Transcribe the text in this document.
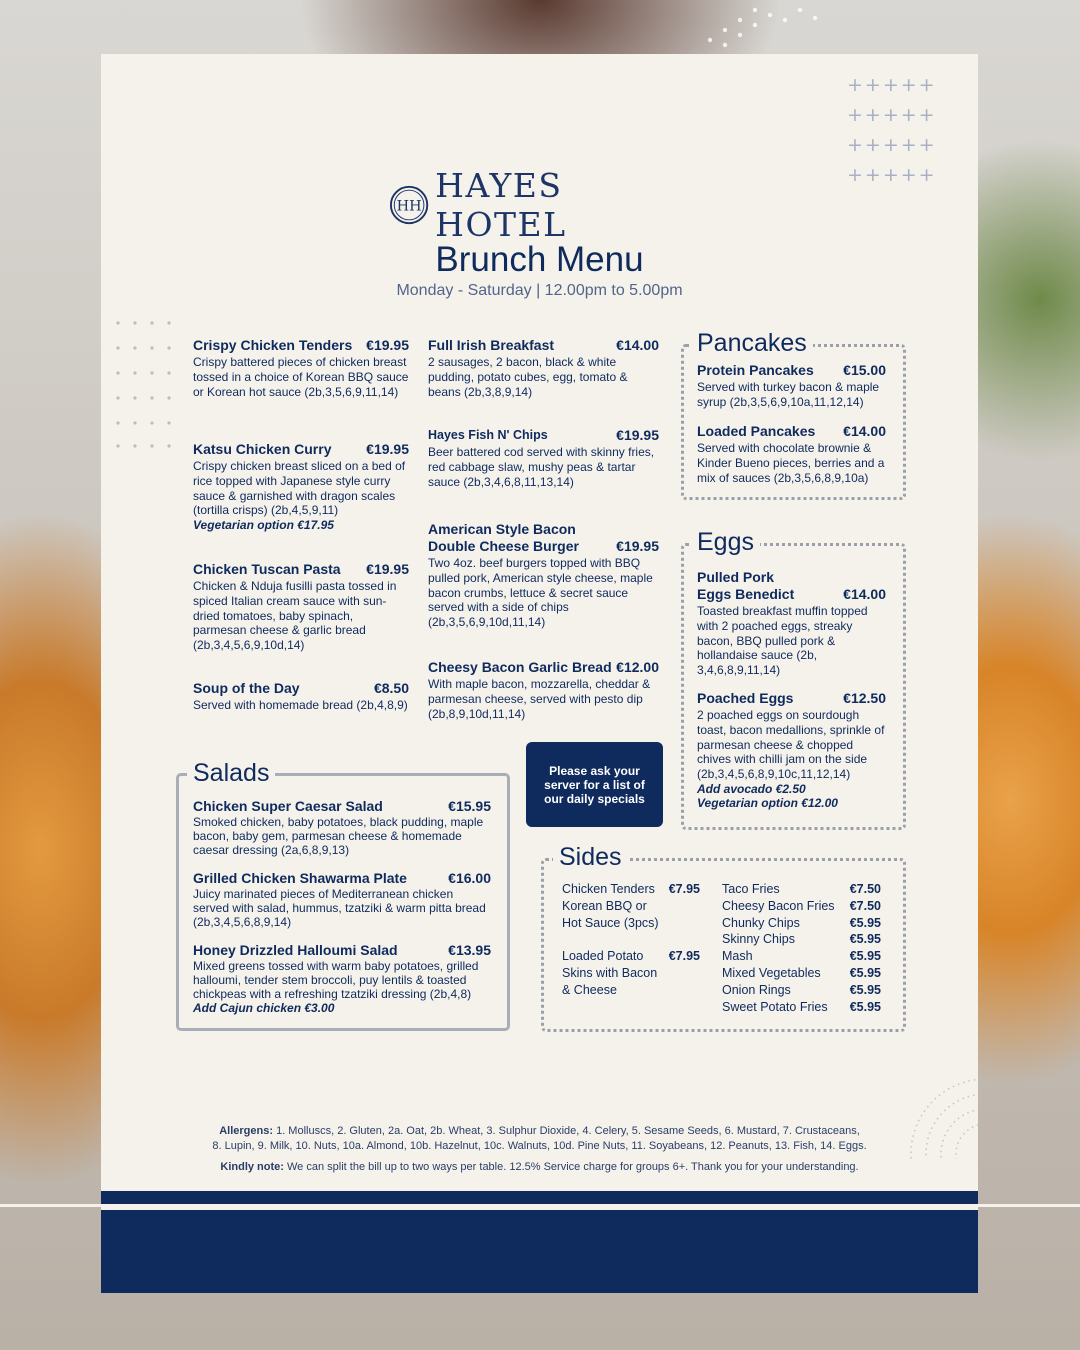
+++++
+++++
+++++
+++++
HH
HAYES HOTEL
Brunch Menu
Monday - Saturday | 12.00pm to 5.00pm
Crispy Chicken Tenders €19.95
Crispy battered pieces of chicken breast tossed in a choice of Korean BBQ sauce or Korean hot sauce (2b,3,5,6,9,11,14)
Katsu Chicken Curry €19.95
Crispy chicken breast sliced on a bed of rice topped with Japanese style curry sauce & garnished with dragon scales (tortilla crisps) (2b,4,5,9,11)
Vegetarian option €17.95
Chicken Tuscan Pasta €19.95
Chicken & Nduja fusilli pasta tossed in spiced Italian cream sauce with sun-dried tomatoes, baby spinach, parmesan cheese & garlic bread (2b,3,4,5,6,9,10d,14)
Soup of the Day	€8.50
Served with homemade bread (2b,4,8,9)
Full Irish Breakfast	€14.00
2 sausages, 2 bacon, black & white pudding, potato cubes, egg, tomato & beans (2b,3,8,9,14)
Hayes Fish N' Chips	€19.95
Beer battered cod served with skinny fries, red cabbage slaw, mushy peas & tartar sauce (2b,3,4,6,8,11,13,14)
American Style Bacon
Double Cheese Burger	€19.95
Two 4oz. beef burgers topped with BBQ pulled pork, American style cheese, maple bacon crumbs, lettuce & secret sauce served with a side of chips (2b,3,5,6,9,10d,11,14)
Cheesy Bacon Garlic Bread €12.00
With maple bacon, mozzarella, cheddar & parmesan cheese, served with pesto dip (2b,8,9,10d,11,14)
Pancakes
Protein Pancakes €15.00
Served with turkey bacon & maple syrup (2b,3,5,6,9,10a,11,12,14)
Loaded Pancakes €14.00
Served with chocolate brownie & Kinder Bueno pieces, berries and a mix of sauces (2b,3,5,6,8,9,10a)
Eggs
Pulled Pork
Eggs Benedict	€14.00
Toasted breakfast muffin topped with 2 poached eggs, streaky bacon, BBQ pulled pork & hollandaise sauce (2b, 3,4,6,8,9,11,14)
Poached Eggs	€12.50
2 poached eggs on sourdough toast, bacon medallions, sprinkle of parmesan cheese & chopped chives with chilli jam on the side (2b,3,4,5,6,8,9,10c,11,12,14)
Add avocado €2.50
Vegetarian option €12.00
Salads
Chicken Super Caesar Salad	€15.95
Smoked chicken, baby potatoes, black pudding, maple bacon, baby gem, parmesan cheese & homemade caesar dressing (2a,6,8,9,13)
Grilled Chicken Shawarma Plate	€16.00
Juicy marinated pieces of Mediterranean chicken served with salad, hummus, tzatziki & warm pitta bread (2b,3,4,5,6,8,9,14)
Honey Drizzled Halloumi Salad	€13.95
Mixed greens tossed with warm baby potatoes, grilled halloumi, tender stem broccoli, puy lentils & toasted chickpeas with a refreshing tzatziki dressing (2b,4,8)
Add Cajun chicken €3.00
Please ask your server for a list of our daily specials
Sides
Chicken Tenders €7.95
Korean BBQ or
Hot Sauce (3pcs)
Loaded Potato €7.95
Skins with Bacon
& Cheese
Taco Fries	€7.50
Cheesy Bacon Fries €7.50
Chunky Chips	€5.95
Skinny Chips	€5.95
Mash	€5.95
Mixed Vegetables €5.95
Onion Rings	€5.95
Sweet Potato Fries €5.95
Allergens: 1. Molluscs, 2. Gluten, 2a. Oat, 2b. Wheat, 3. Sulphur Dioxide, 4. Celery, 5. Sesame Seeds, 6. Mustard, 7. Crustaceans,
8. Lupin, 9. Milk, 10. Nuts, 10a. Almond, 10b. Hazelnut, 10c. Walnuts, 10d. Pine Nuts, 11. Soyabeans, 12. Peanuts, 13. Fish, 14. Eggs.
Kindly note: We can split the bill up to two ways per table. 12.5% Service charge for groups 6+. Thank you for your understanding.
